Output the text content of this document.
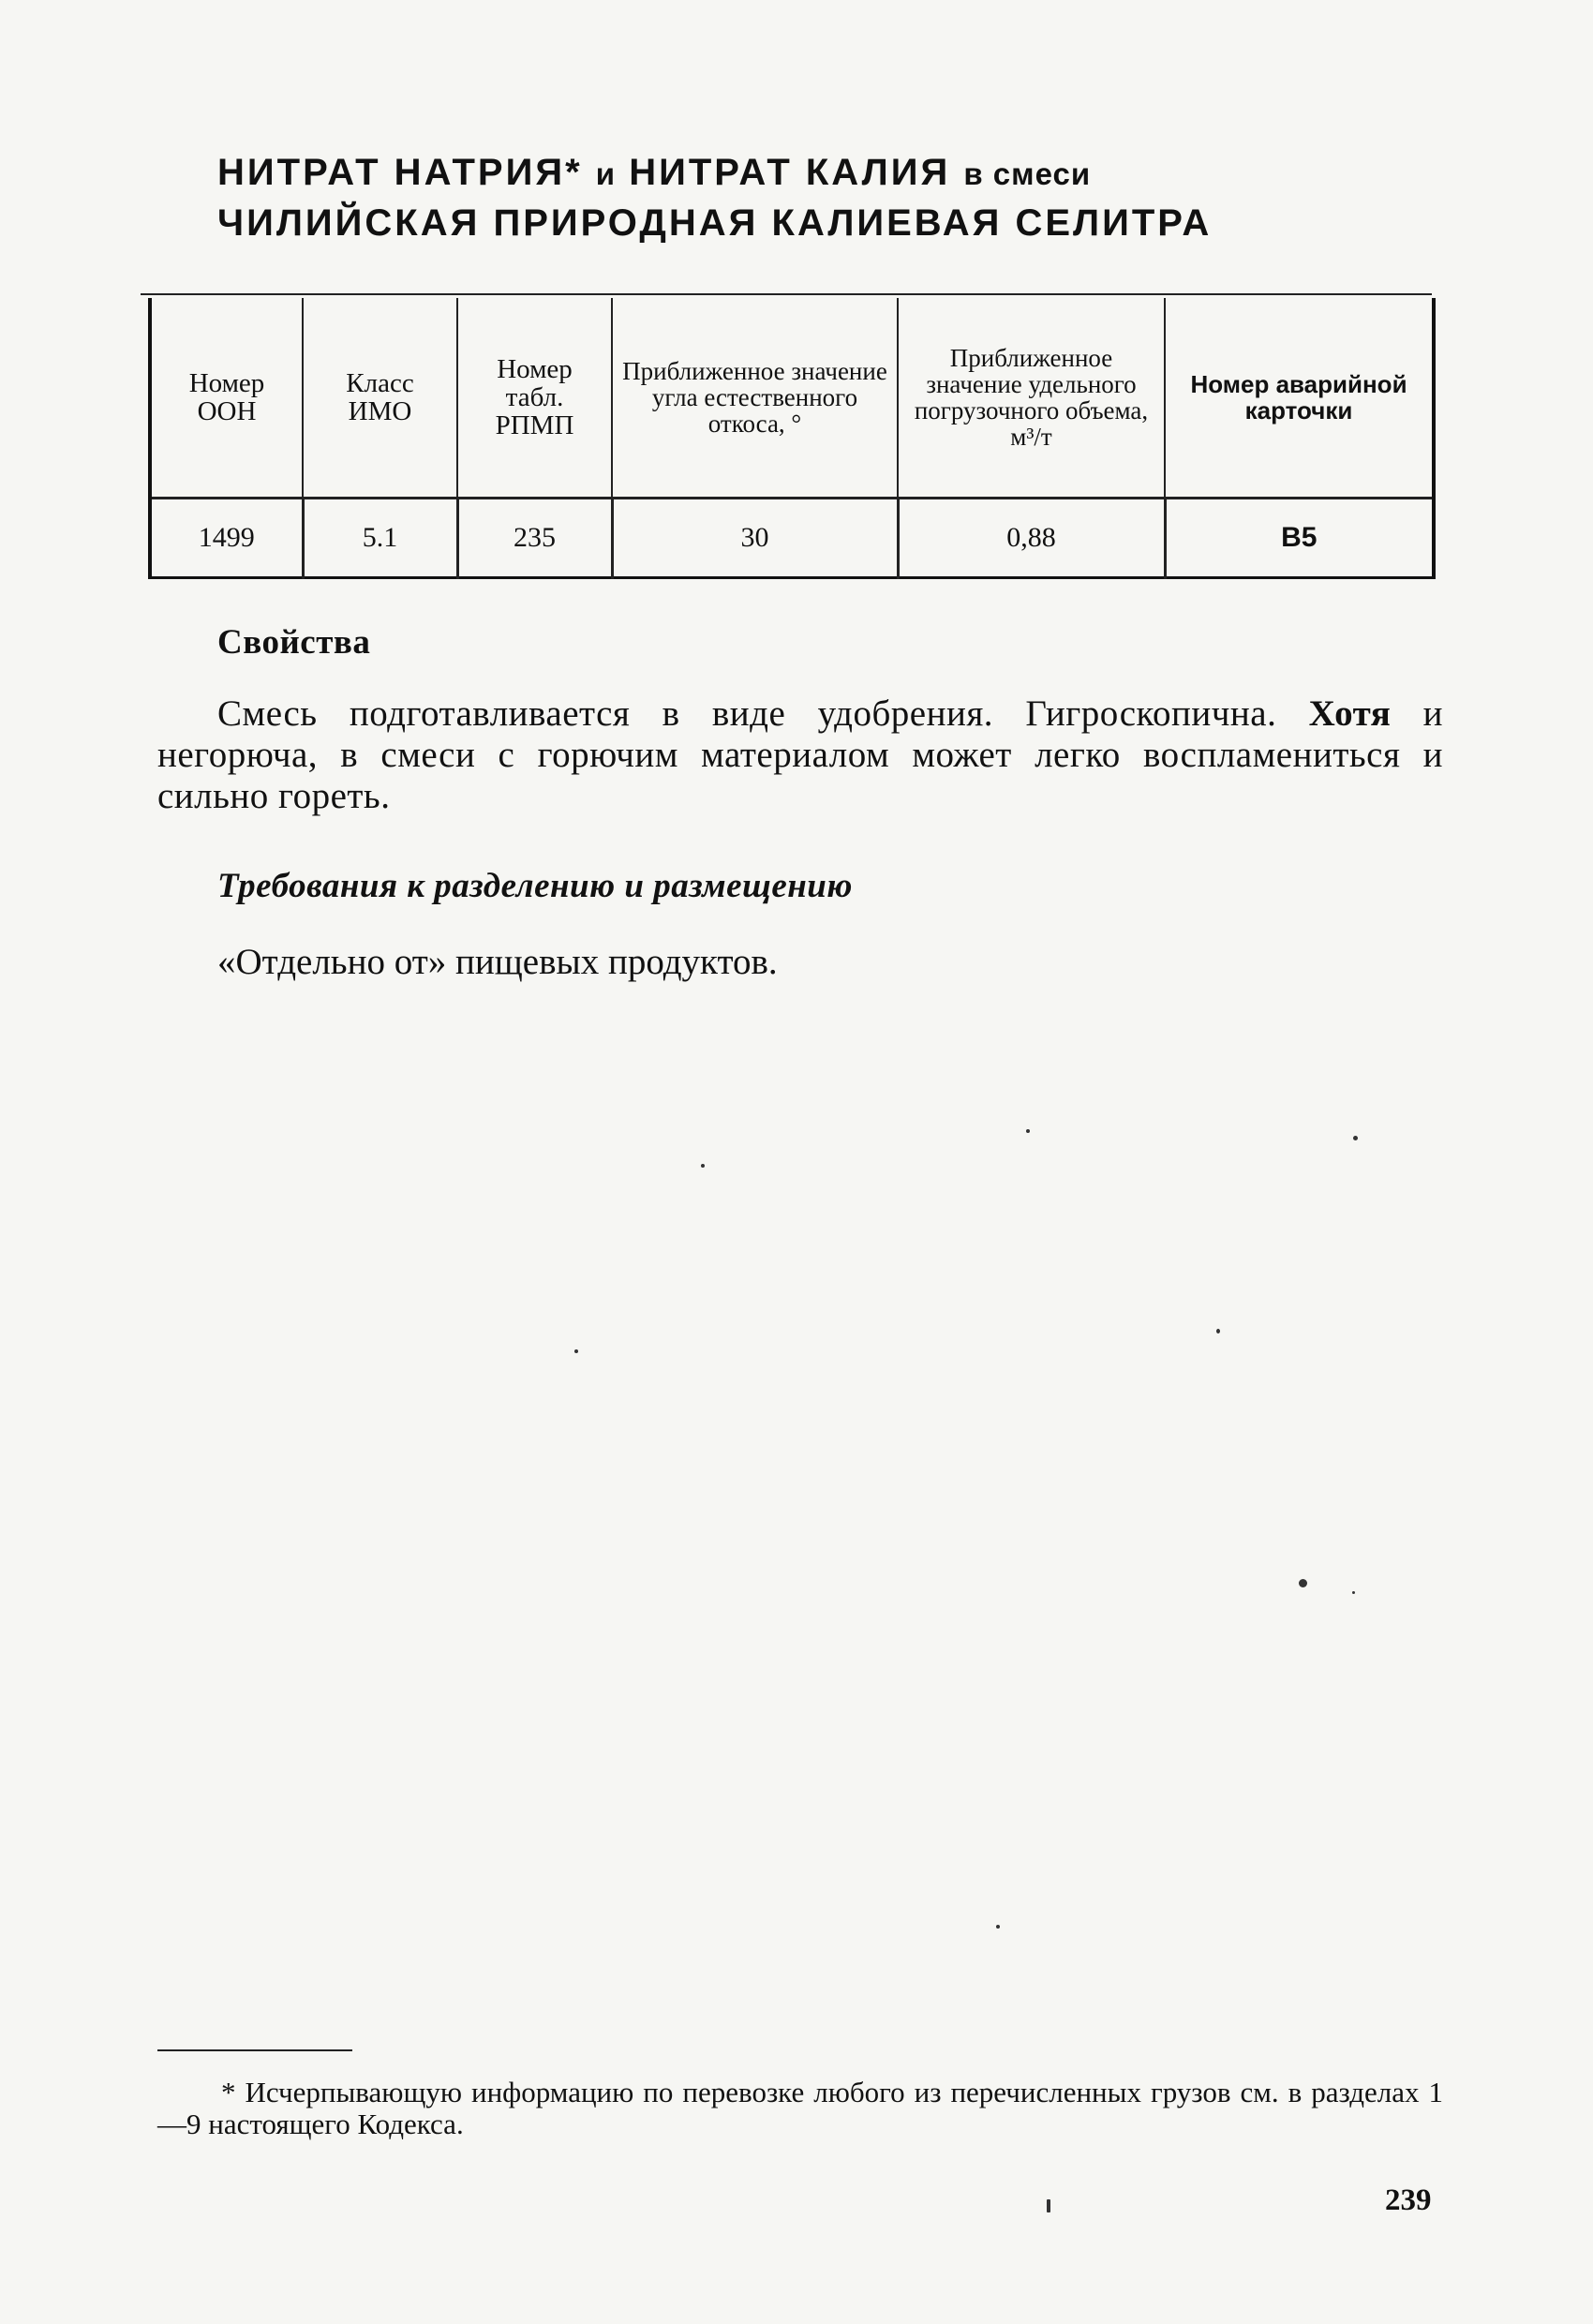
НИТРАТ НАТРИЯ* и НИТРАТ КАЛИЯ в смеси
ЧИЛИЙСКАЯ ПРИРОДНАЯ КАЛИЕВАЯ СЕЛИТРА
Номер ООН	Класс ИМО	Номер табл. РПМП	Приближенное значение угла естественного откоса, °	Приближенное значение удельного погрузочного объема, м³/т	Номер аварийной карточки
1499	5.1	235	30	0,88	B5
Свойства
Смесь подготавливается в виде удобрения. Гигроскопична. Хотя и негорюча, в смеси с горючим материалом может легко воспламениться и сильно гореть.
Требования к разделению и размещению
«Отдельно от» пищевых продуктов.
* Исчерпывающую информацию по перевозке любого из перечисленных грузов см. в разделах 1—9 настоящего Кодекса.
239
